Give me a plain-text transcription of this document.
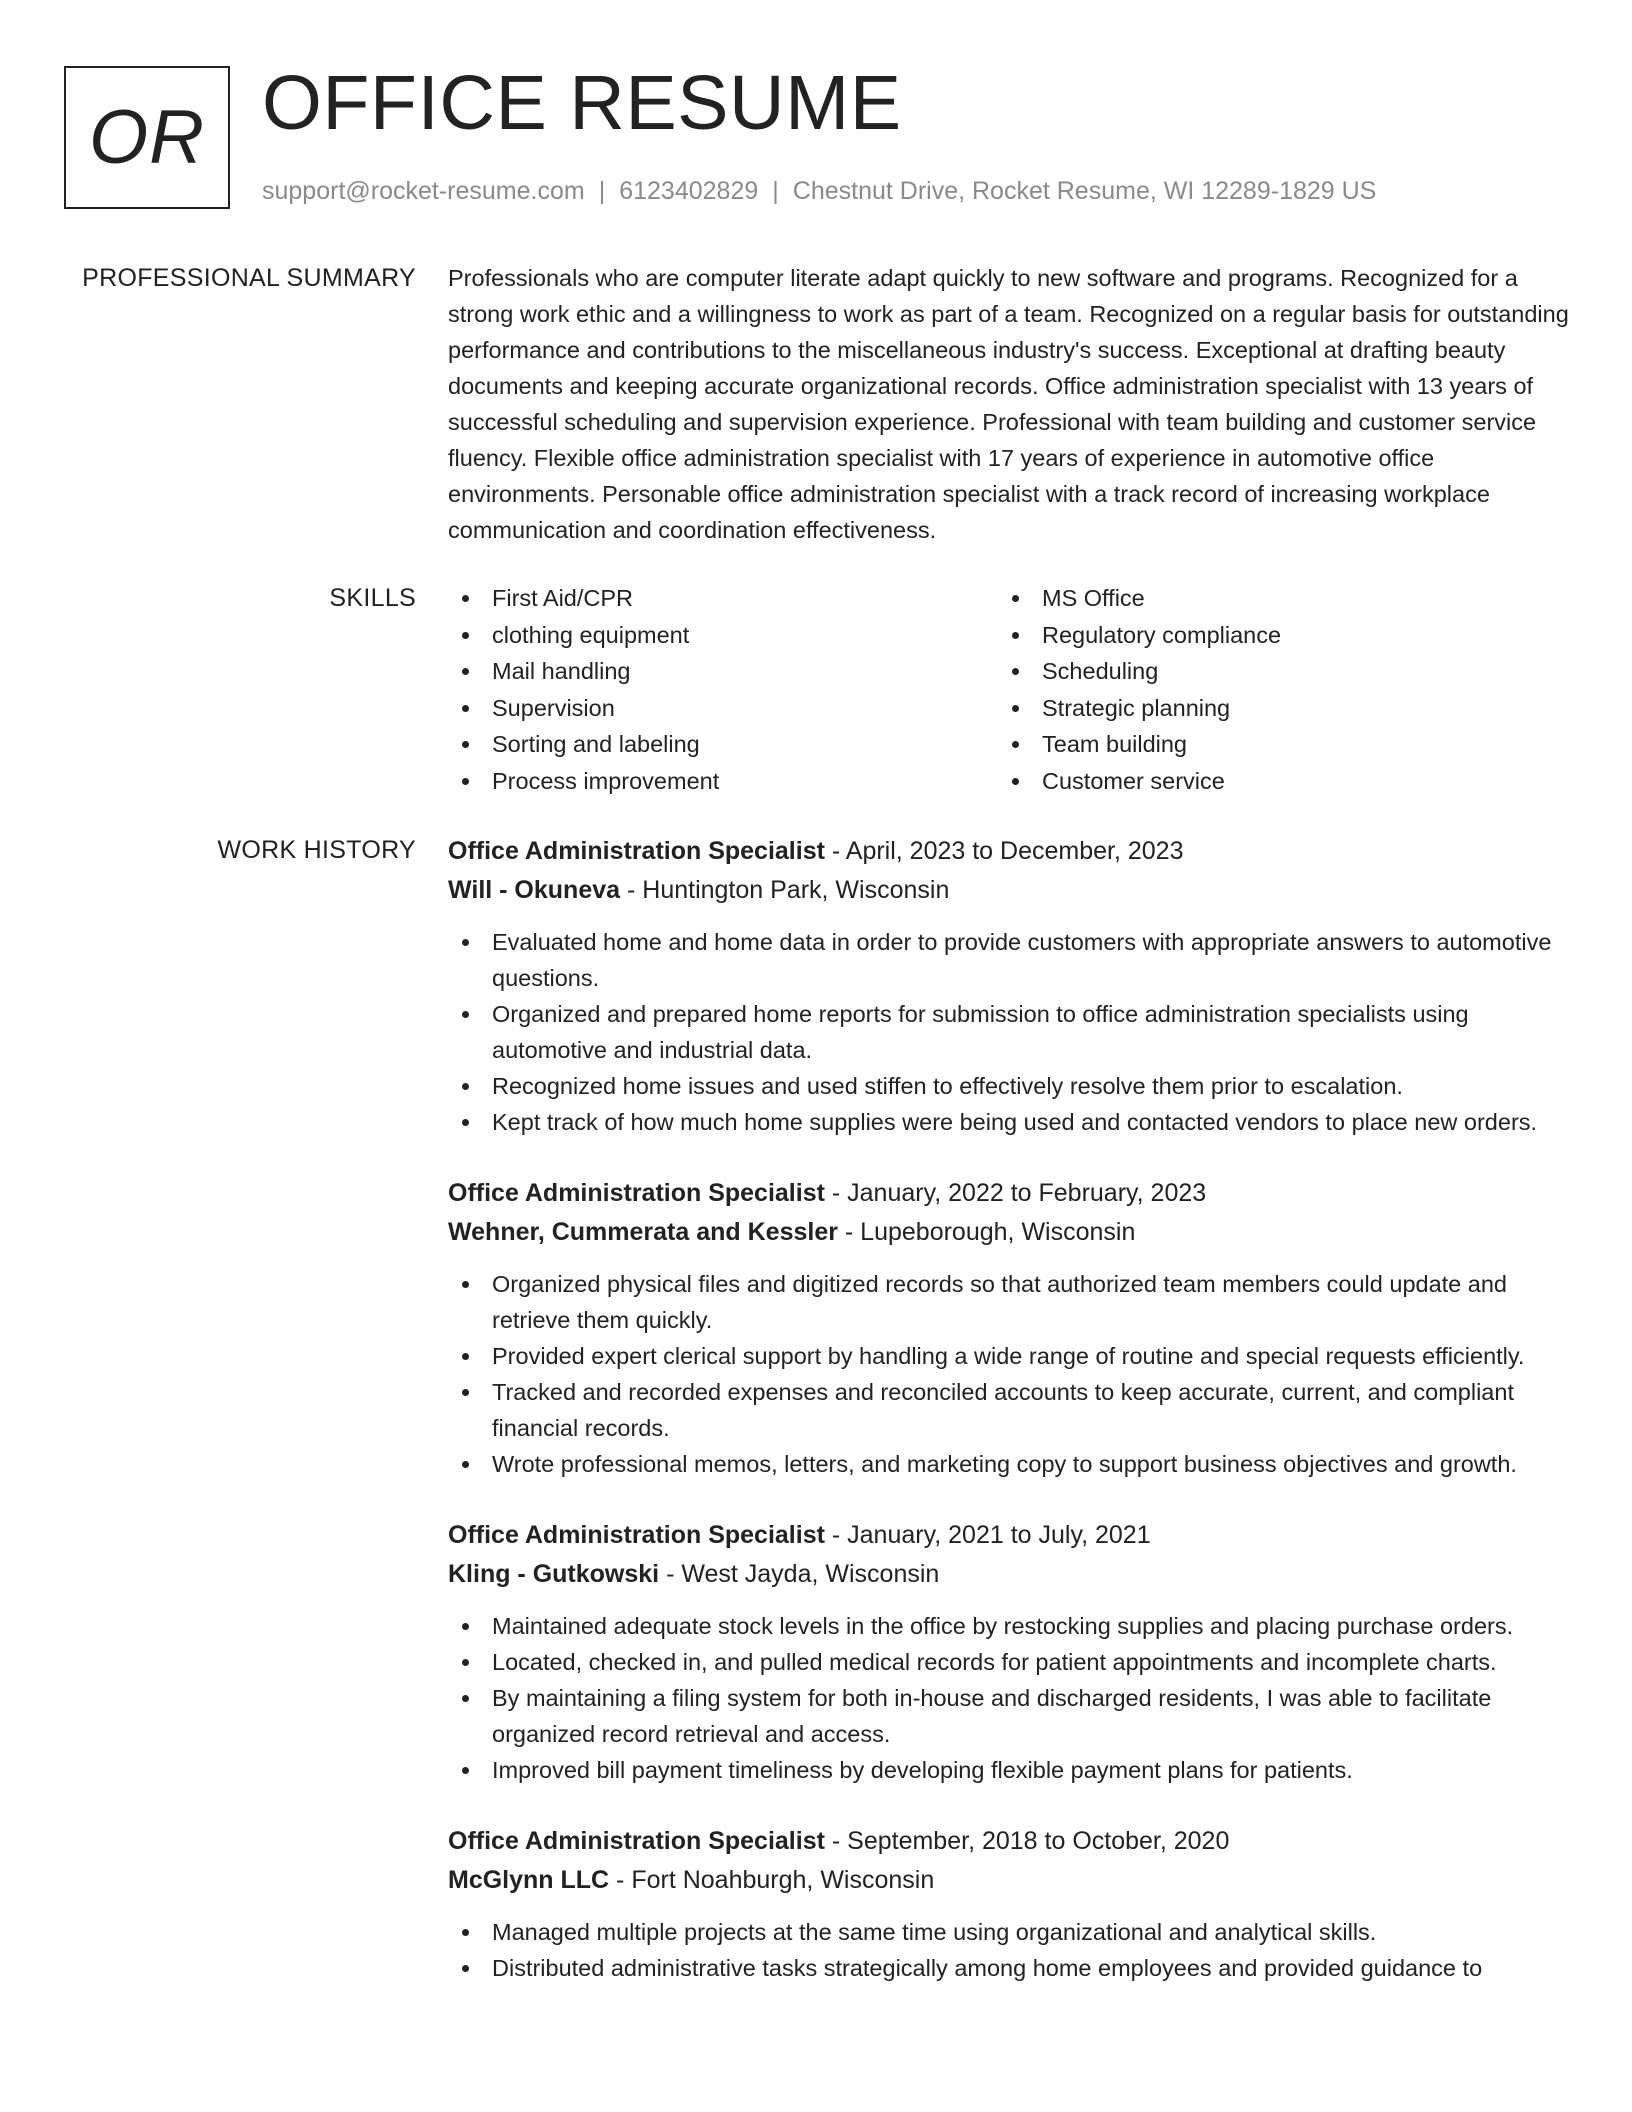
OR OFFICE RESUME
support@rocket-resume.com | 6123402829 | Chestnut Drive, Rocket Resume, WI 12289-1829 US
PROFESSIONAL SUMMARY Professionals who are computer literate adapt quickly to new software and programs. Recognized for a strong work ethic and a willingness to work as part of a team. Recognized on a regular basis for outstanding performance and contributions to the miscellaneous industry's success. Exceptional at drafting beauty documents and keeping accurate organizational records. Office administration specialist with 13 years of successful scheduling and supervision experience. Professional with team building and customer service fluency. Flexible office administration specialist with 17 years of experience in automotive office environments. Personable office administration specialist with a track record of increasing workplace communication and coordination effectiveness.

SKILLS	First Aid/CPR
clothing equipment
Mail handling
Supervision
Sorting and labeling
Process improvement
MS Office
Regulatory compliance
Scheduling
Strategic planning
Team building
Customer service
WORK HISTORY Office Administration Specialist - April, 2023 to December, 2023
Will - Okuneva - Huntington Park, Wisconsin
Evaluated home and home data in order to provide customers with appropriate answers to automotive questions.
Organized and prepared home reports for submission to office administration specialists using automotive and industrial data.
Recognized home issues and used stiffen to effectively resolve them prior to escalation.
Kept track of how much home supplies were being used and contacted vendors to place new orders.
Office Administration Specialist - January, 2022 to February, 2023
Wehner, Cummerata and Kessler - Lupeborough, Wisconsin
Organized physical files and digitized records so that authorized team members could update and retrieve them quickly.
Provided expert clerical support by handling a wide range of routine and special requests efficiently.
Tracked and recorded expenses and reconciled accounts to keep accurate, current, and compliant financial records.
Wrote professional memos, letters, and marketing copy to support business objectives and growth.
Office Administration Specialist - January, 2021 to July, 2021
Kling - Gutkowski - West Jayda, Wisconsin
Maintained adequate stock levels in the office by restocking supplies and placing purchase orders.
Located, checked in, and pulled medical records for patient appointments and incomplete charts.
By maintaining a filing system for both in-house and discharged residents, I was able to facilitate organized record retrieval and access.
Improved bill payment timeliness by developing flexible payment plans for patients.
Office Administration Specialist - September, 2018 to October, 2020
McGlynn LLC - Fort Noahburgh, Wisconsin
Managed multiple projects at the same time using organizational and analytical skills.
Distributed administrative tasks strategically among home employees and provided guidance to
